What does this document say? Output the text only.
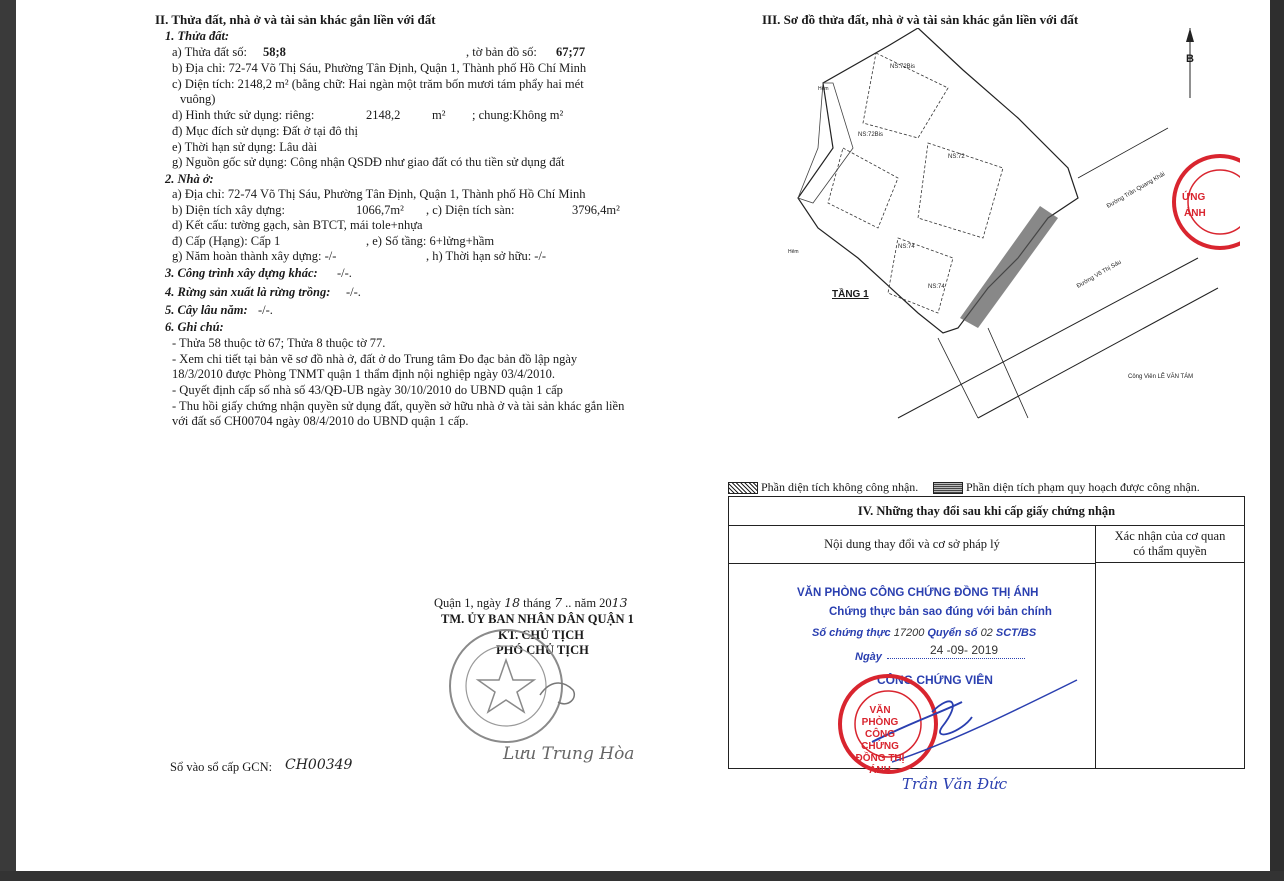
II. Thửa đất, nhà ở và tài sản khác gắn liền với đất
1. Thửa đất:
a) Thửa đất số: 58;8	, tờ bản đồ số: 67;77
b) Địa chỉ: 72-74 Võ Thị Sáu, Phường Tân Định, Quận 1, Thành phố Hồ Chí Minh
c) Diện tích: 2148,2 m² (bằng chữ: Hai ngàn một trăm bốn mươi tám phẩy hai mét
vuông)
d) Hình thức sử dụng: riêng:	2148,2	m² ; chung:Không m²
đ) Mục đích sử dụng: Đất ở tại đô thị
e) Thời hạn sử dụng: Lâu dài
g) Nguồn gốc sử dụng: Công nhận QSDĐ như giao đất có thu tiền sử dụng đất
2. Nhà ở:
a) Địa chỉ: 72-74 Võ Thị Sáu, Phường Tân Định, Quận 1, Thành phố Hồ Chí Minh
b) Diện tích xây dựng:	1066,7m² , c) Diện tích sàn:	3796,4m²
d) Kết cấu: tường gạch, sàn BTCT, mái tole+nhựa
đ) Cấp (Hạng): Cấp 1	, e) Số tầng: 6+lửng+hầm
g) Năm hoàn thành xây dựng: -/-	, h) Thời hạn sở hữu: -/-
3. Công trình xây dựng khác: -/-.
4. Rừng sản xuất là rừng trồng: -/-.
5. Cây lâu năm: -/-.
6. Ghi chú:
- Thửa 58 thuộc tờ 67; Thửa 8 thuộc tờ 77.
- Xem chi tiết tại bản vẽ sơ đồ nhà ở, đất ở do Trung tâm Đo đạc bản đồ lập ngày
18/3/2010 được Phòng TNMT quận 1 thẩm định nội nghiệp ngày 03/4/2010.
- Quyết định cấp số nhà số 43/QĐ-UB ngày 30/10/2010 do UBND quận 1 cấp
- Thu hồi giấy chứng nhận quyền sử dụng đất, quyền sở hữu nhà ở và tài sản khác gắn liền
với đất số CH00704 ngày 08/4/2010 do UBND quận 1 cấp.
Quận 1, ngày 18 tháng 7 .. năm 2013
TM. ỦY BAN NHÂN DÂN QUẬN 1
KT. CHỦ TỊCH
PHÓ CHỦ TỊCH
Lưu Trung Hòa
Sổ vào sổ cấp GCN: CH00349
III. Sơ đồ thửa đất, nhà ở và tài sản khác gắn liền với đất
NS:72Bis
NS:72Bis
NS:72
NS:74
NS:74
Đường Võ Thị Sáu
Đường Trần Quang Khải
Công Viên LÊ VĂN TÁM
Hẻm
Hẻm
TẦNG 1
B
ỨNG
ÁNH
Phần diện tích không công nhận.	Phần diện tích phạm quy hoạch được công nhận.
IV. Những thay đổi sau khi cấp giấy chứng nhận
Nội dung thay đổi và cơ sở pháp lý
Xác nhận của cơ quan
có thẩm quyền
VĂN PHÒNG CÔNG CHỨNG ĐỒNG THỊ ÁNH
Chứng thực bản sao đúng với bản chính
Số chứng thực 17200 Quyển số 02 SCT/BS
Ngày	24 -09- 2019
CÔNG CHỨNG VIÊN
VĂN PHÒNG CÔNG CHỨNG ĐỒNG THỊ ÁNH
Trần Văn Đức
